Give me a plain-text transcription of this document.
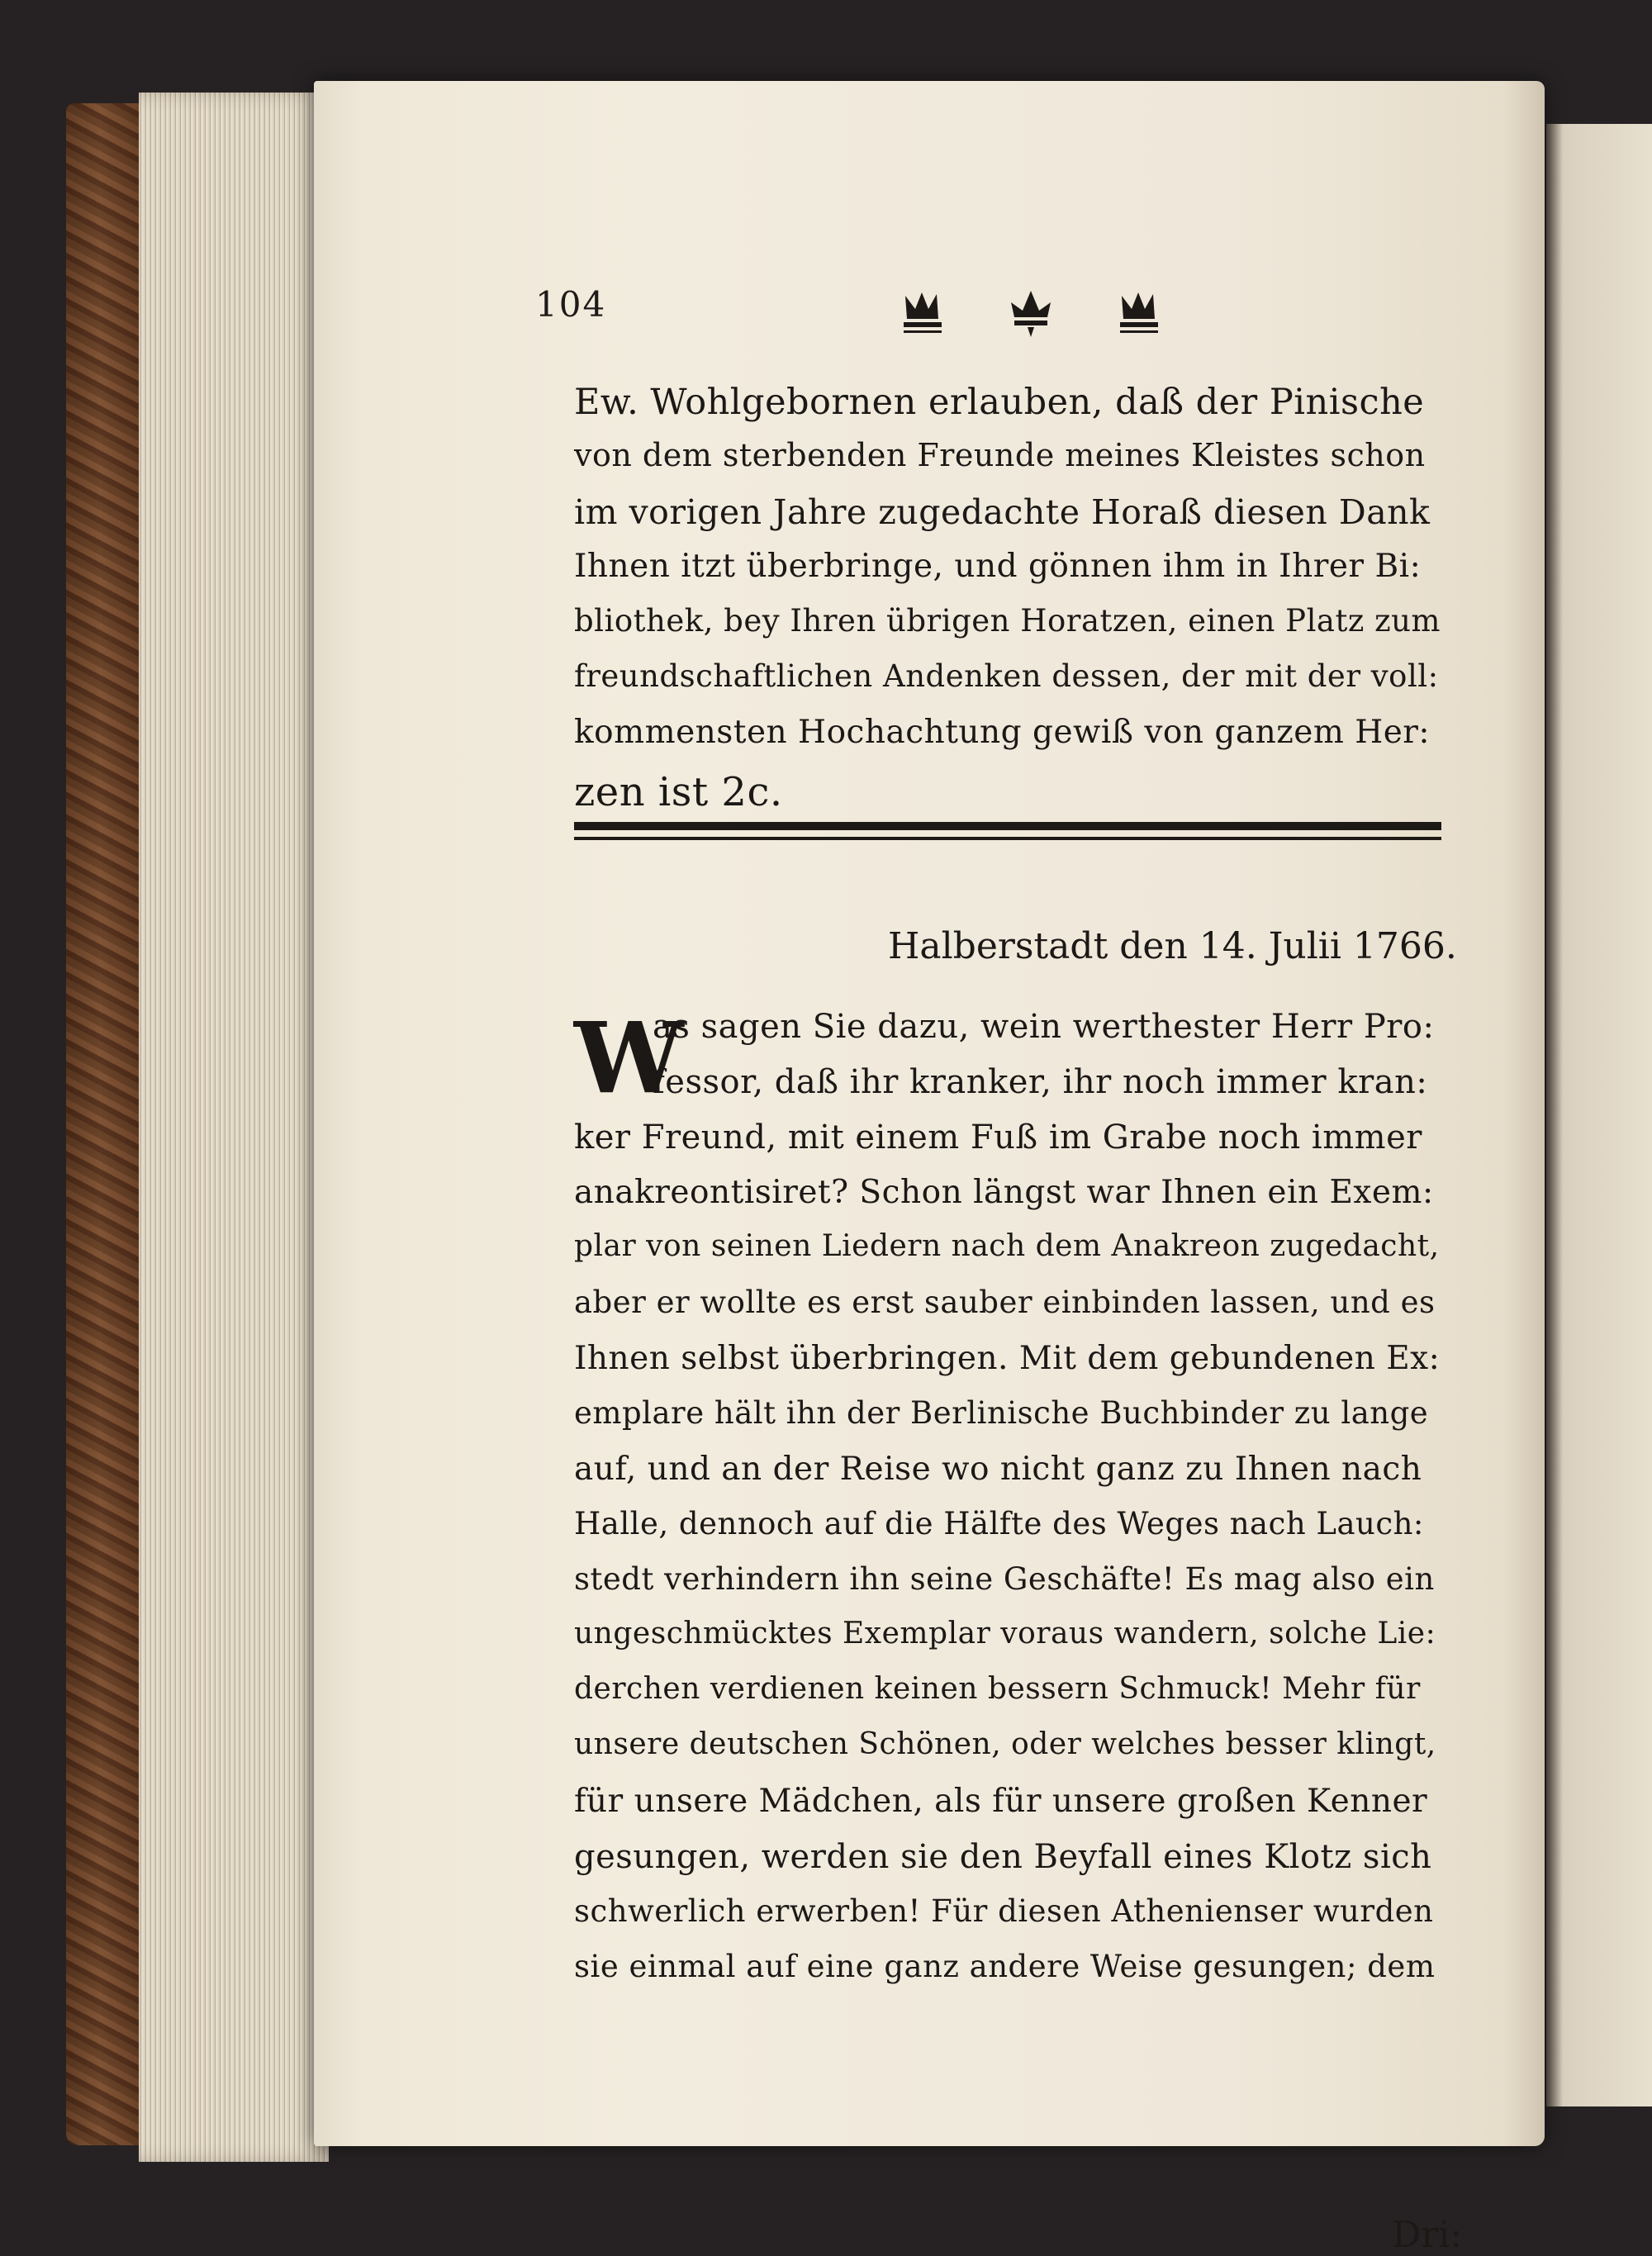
104
Ew. Wohlgebornen erlauben, daß der Pinische
von dem sterbenden Freunde meines Kleistes schon
im vorigen Jahre zugedachte Horaß diesen Dank
Ihnen itzt überbringe, und gönnen ihm in Ihrer Bi:
bliothek, bey Ihren übrigen Horatzen, einen Platz zum
freundschaftlichen Andenken dessen, der mit der voll:
kommensten Hochachtung gewiß von ganzem Her:
zen ist 2c.
Halberstadt den 14. Julii 1766.
W
as sagen Sie dazu, wein werthester Herr Pro:
fessor, daß ihr kranker, ihr noch immer kran:
ker Freund, mit einem Fuß im Grabe noch immer
anakreontisiret? Schon längst war Ihnen ein Exem:
plar von seinen Liedern nach dem Anakreon zugedacht,
aber er wollte es erst sauber einbinden lassen, und es
Ihnen selbst überbringen. Mit dem gebundenen Ex:
emplare hält ihn der Berlinische Buchbinder zu lange
auf, und an der Reise wo nicht ganz zu Ihnen nach
Halle, dennoch auf die Hälfte des Weges nach Lauch:
stedt verhindern ihn seine Geschäfte! Es mag also ein
ungeschmücktes Exemplar voraus wandern, solche Lie:
derchen verdienen keinen bessern Schmuck! Mehr für
unsere deutschen Schönen, oder welches besser klingt,
für unsere Mädchen, als für unsere großen Kenner
gesungen, werden sie den Beyfall eines Klotz sich
schwerlich erwerben! Für diesen Athenienser wurden
sie einmal auf eine ganz andere Weise gesungen; dem
Dri:
